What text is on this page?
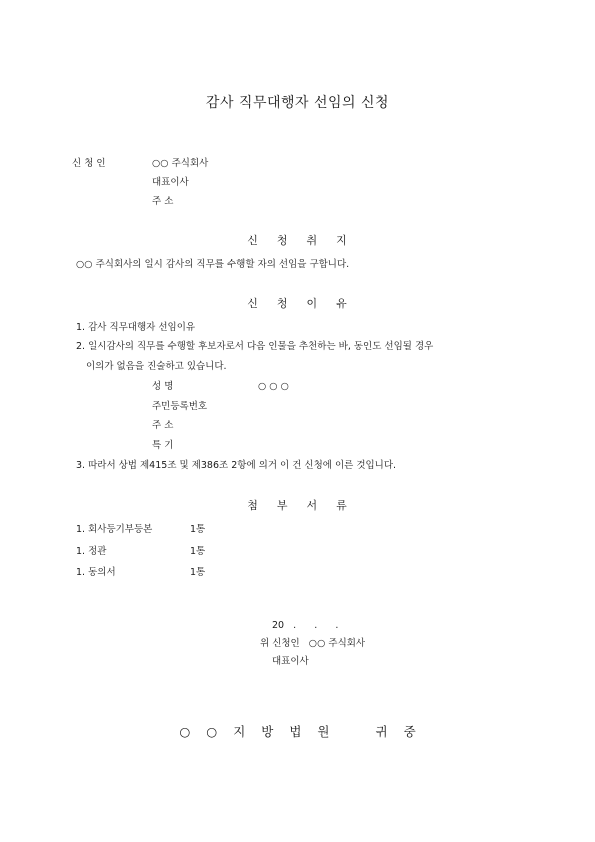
감사 직무대행자 선임의 신청
신 청 인	○○ 주식회사
대표이사
주 소
신 청 취 지
○○ 주식회사의 일시 감사의 직무를 수행할 자의 선임을 구합니다.
신 청 이 유
1. 감사 직무대행자 선임이유
2. 일시감사의 직무를 수행할 후보자로서 다음 인물을 추천하는 바, 동인도 선임될 경우
이의가 없음을 진술하고 있습니다.
성 명	○ ○ ○
주민등록번호
주 소
특 기
3. 따라서 상법 제415조 및 제386조 2항에 의거 이 건 신청에 이른 것입니다.
첨 부 서 류
1. 회사등기부등본	1통
1. 정관	1통
1. 동의서	1통
20   .      .      .
위 신청인   ○○ 주식회사
대표이사
○ ○ 지 방 법 원	귀 중
